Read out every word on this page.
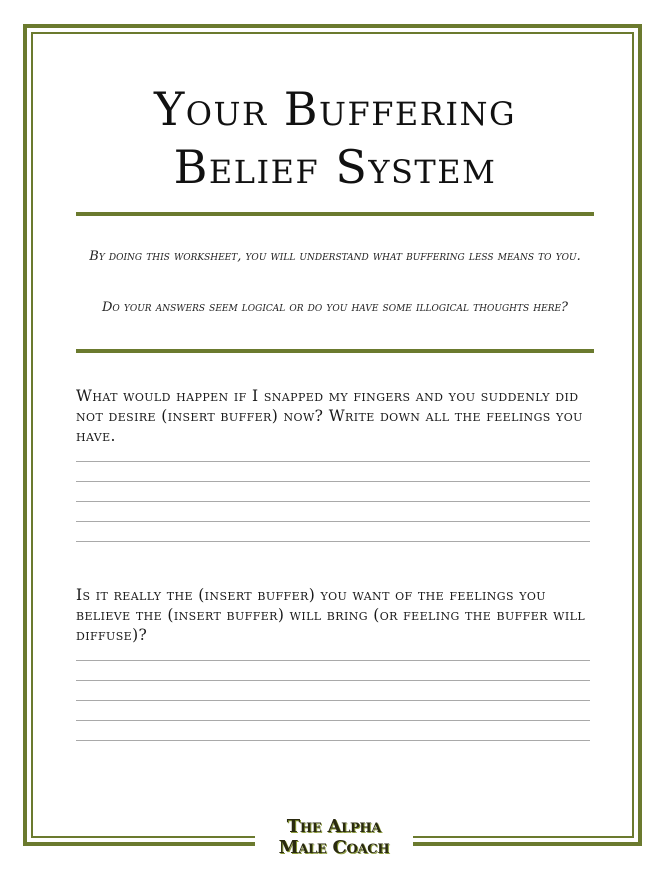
Your Buffering
Belief System

By doing this worksheet, you will understand what buffering less means to you.

Do your answers seem logical or do you have some illogical thoughts here?

What would happen if I snapped my fingers and you suddenly did not desire (insert buffer) now? Write down all the feelings you have.

Is it really the (insert buffer) you want of the feelings you believe the (insert buffer) will bring (or feeling the buffer will diffuse)?

The Alpha
Male Coach
